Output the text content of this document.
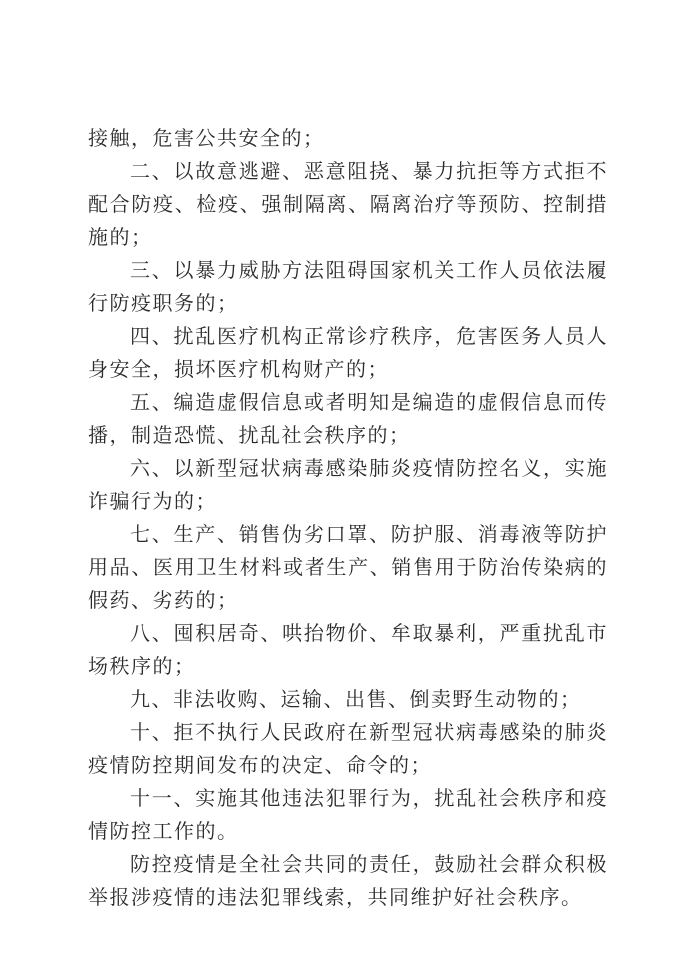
接触，危害公共安全的；

二、以故意逃避、恶意阻挠、暴力抗拒等方式拒不配合防疫、检疫、强制隔离、隔离治疗等预防、控制措施的；

三、以暴力威胁方法阻碍国家机关工作人员依法履行防疫职务的；

四、扰乱医疗机构正常诊疗秩序，危害医务人员人身安全，损坏医疗机构财产的；

五、编造虚假信息或者明知是编造的虚假信息而传播，制造恐慌、扰乱社会秩序的；

六、以新型冠状病毒感染肺炎疫情防控名义，实施诈骗行为的；

七、生产、销售伪劣口罩、防护服、消毒液等防护用品、医用卫生材料或者生产、销售用于防治传染病的假药、劣药的；

八、囤积居奇、哄抬物价、牟取暴利，严重扰乱市场秩序的；

九、非法收购、运输、出售、倒卖野生动物的；

十、拒不执行人民政府在新型冠状病毒感染的肺炎疫情防控期间发布的决定、命令的；

十一、实施其他违法犯罪行为，扰乱社会秩序和疫情防控工作的。

防控疫情是全社会共同的责任，鼓励社会群众积极举报涉疫情的违法犯罪线索，共同维护好社会秩序。
